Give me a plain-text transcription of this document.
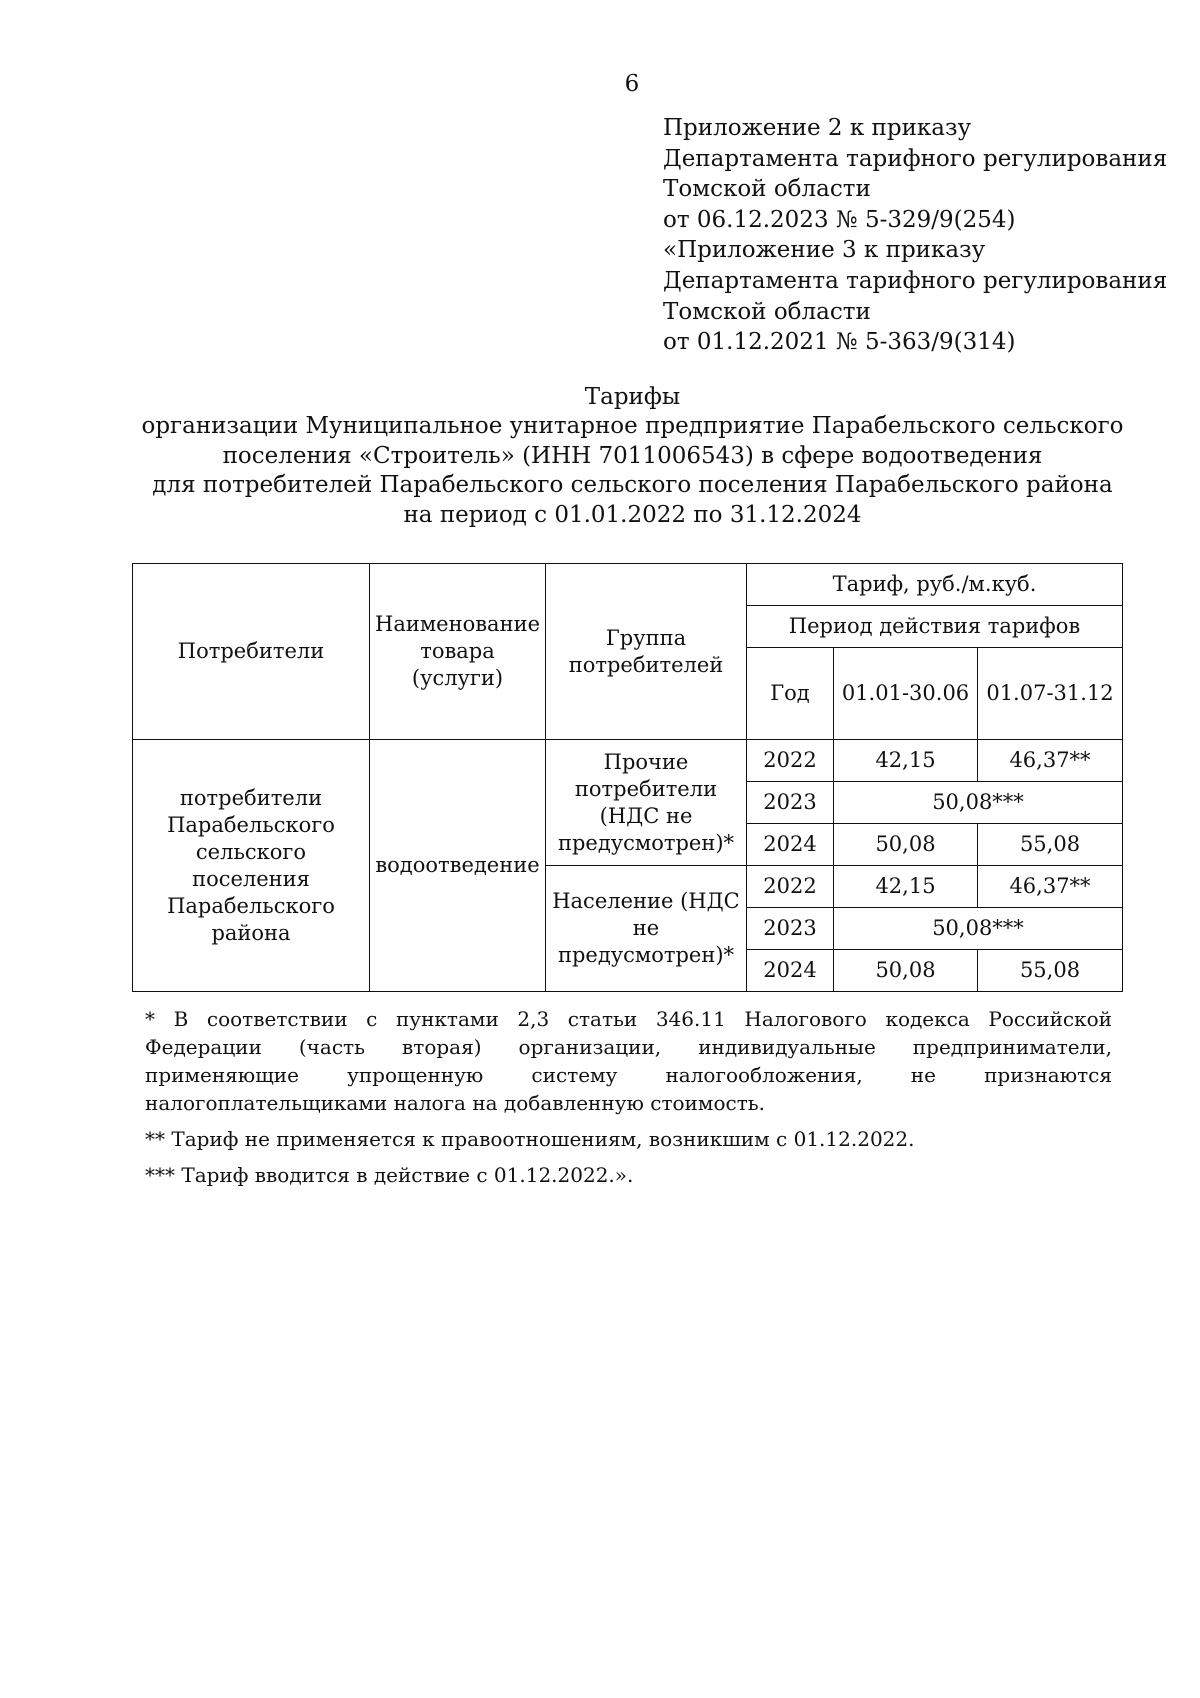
6
Приложение 2 к приказу
Департамента тарифного регулирования
Томской области
от 06.12.2023 № 5-329/9(254)
«Приложение 3 к приказу
Департамента тарифного регулирования
Томской области
от 01.12.2021 № 5-363/9(314)
Тарифы
организации Муниципальное унитарное предприятие Парабельского сельского
поселения «Строитель» (ИНН 7011006543) в сфере водоотведения
для потребителей Парабельского сельского поселения Парабельского района
на период с 01.01.2022 по 31.12.2024
Потребители	Наименование товара (услуги)	Группа потребителей	Тариф, руб./м.куб.		
			Период действия тарифов		
			Год	01.01-30.06	01.07-31.12
потребители Парабельского сельского поселения Парабельского района	водоотведение	Прочие потребители (НДС не предусмотрен)*	2022	42,15	46,37**
			2023	50,08***	
			2024	50,08	55,08
		Население (НДС не предусмотрен)*	2022	42,15	46,37**
			2023	50,08***	
			2024	50,08	55,08

* В соответствии с пунктами 2,3 статьи 346.11 Налогового кодекса Российской Федерации (часть вторая) организации, индивидуальные предприниматели, применяющие упрощенную систему налогообложения, не признаются налогоплательщиками налога на добавленную стоимость.

** Тариф не применяется к правоотношениям, возникшим с 01.12.2022.

*** Тариф вводится в действие с 01.12.2022.».
